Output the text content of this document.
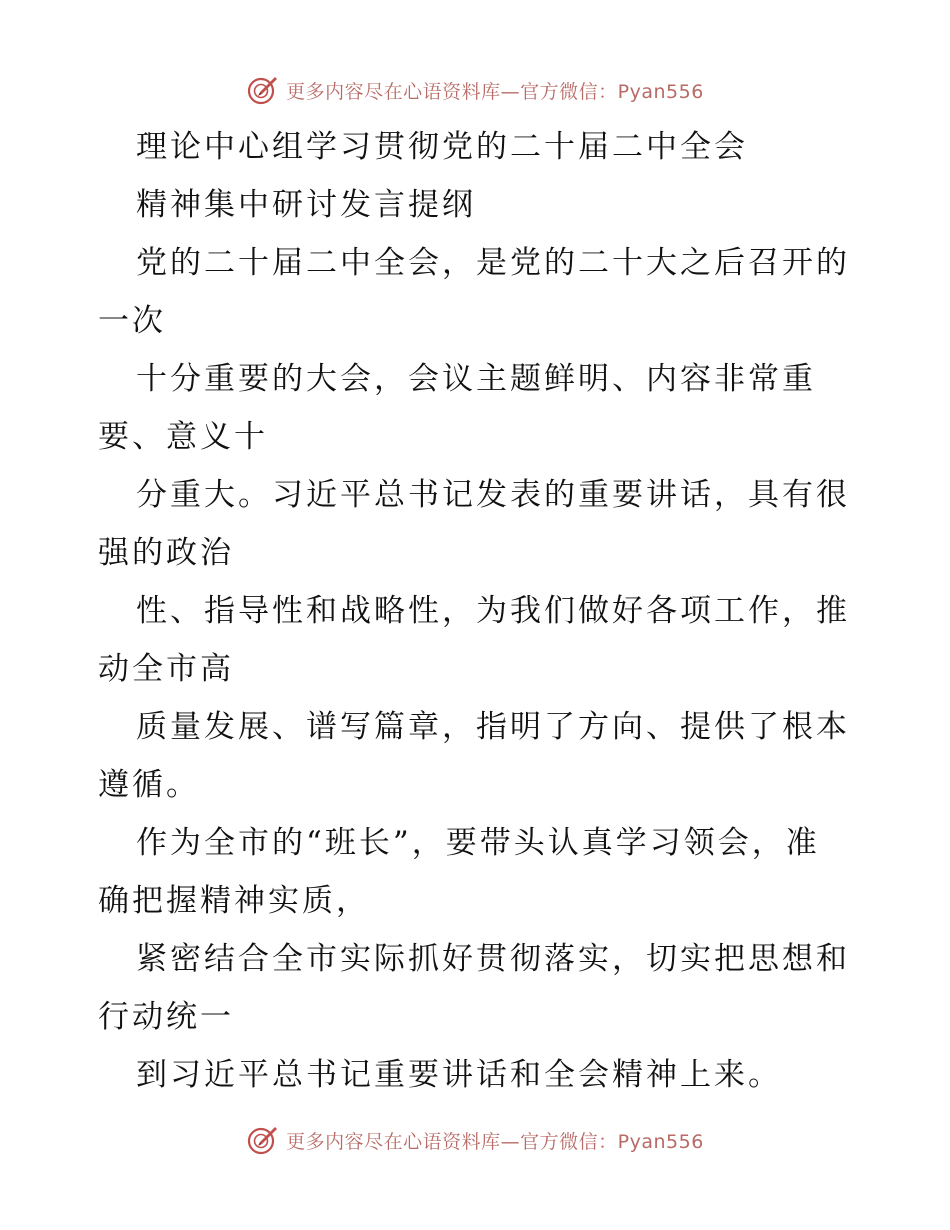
更多内容尽在心语资料库—官方微信：Pyan556
理论中心组学习贯彻党的二十届二中全会
精神集中研讨发言提纲
党的二十届二中全会，是党的二十大之后召开的
一次
十分重要的大会，会议主题鲜明、内容非常重
要、意义十
分重大。习近平总书记发表的重要讲话，具有很
强的政治
性、指导性和战略性，为我们做好各项工作，推
动全市高
质量发展、谱写篇章，指明了方向、提供了根本
遵循。
作为全市的“班长”，要带头认真学习领会，准
确把握精神实质，
紧密结合全市实际抓好贯彻落实，切实把思想和
行动统一
到习近平总书记重要讲话和全会精神上来。
更多内容尽在心语资料库—官方微信：Pyan556
